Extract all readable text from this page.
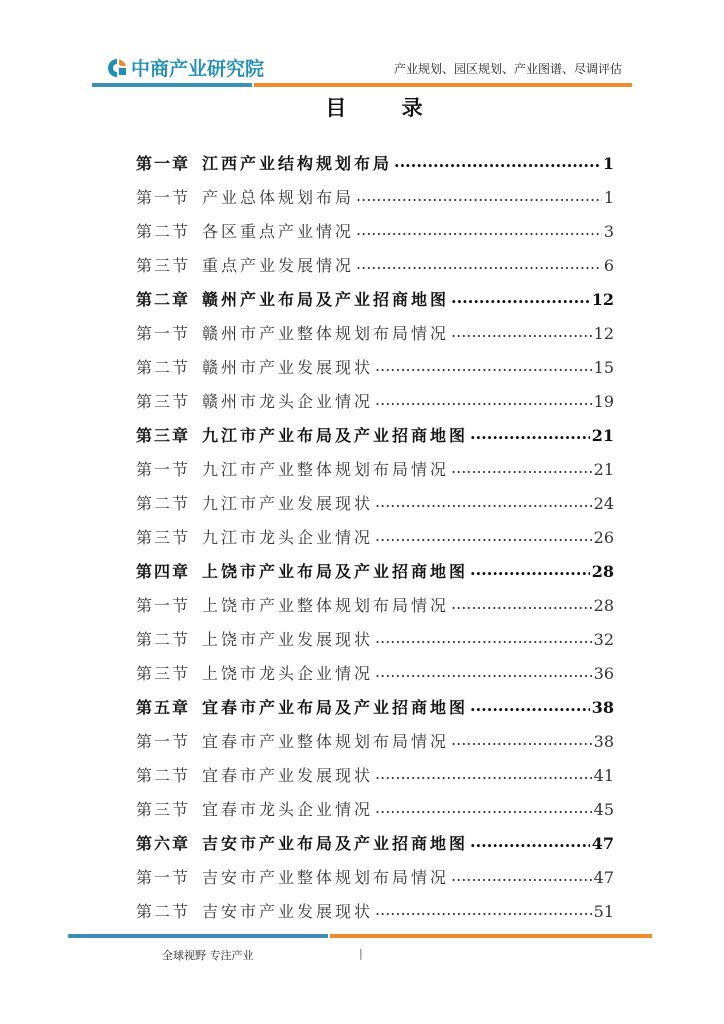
中商产业研究院	产业规划、园区规划、产业图谱、尽调评估
目 录
第一章 江西产业结构规划布局 .....	1
第一节 产业总体规划布局 .....	1
第二节 各区重点产业情况 .....	3
第三节 重点产业发展情况 .....	6
第二章 赣州产业布局及产业招商地图 .....	12
第一节 赣州市产业整体规划布局情况 .....	12
第二节 赣州市产业发展现状 .....	15
第三节 赣州市龙头企业情况 .....	19
第三章 九江市产业布局及产业招商地图 .....	21
第一节 九江市产业整体规划布局情况 .....	21
第二节 九江市产业发展现状 .....	24
第三节 九江市龙头企业情况 .....	26
第四章 上饶市产业布局及产业招商地图 .....	28
第一节 上饶市产业整体规划布局情况 .....	28
第二节 上饶市产业发展现状 .....	32
第三节 上饶市龙头企业情况 .....	36
第五章 宜春市产业布局及产业招商地图 .....	38
第一节 宜春市产业整体规划布局情况 .....	38
第二节 宜春市产业发展现状 .....	41
第三节 宜春市龙头企业情况 .....	45
第六章 吉安市产业布局及产业招商地图 .....	47
第一节 吉安市产业整体规划布局情况 .....	47
第二节 吉安市产业发展现状 .....	51
全球视野 专注产业	|
